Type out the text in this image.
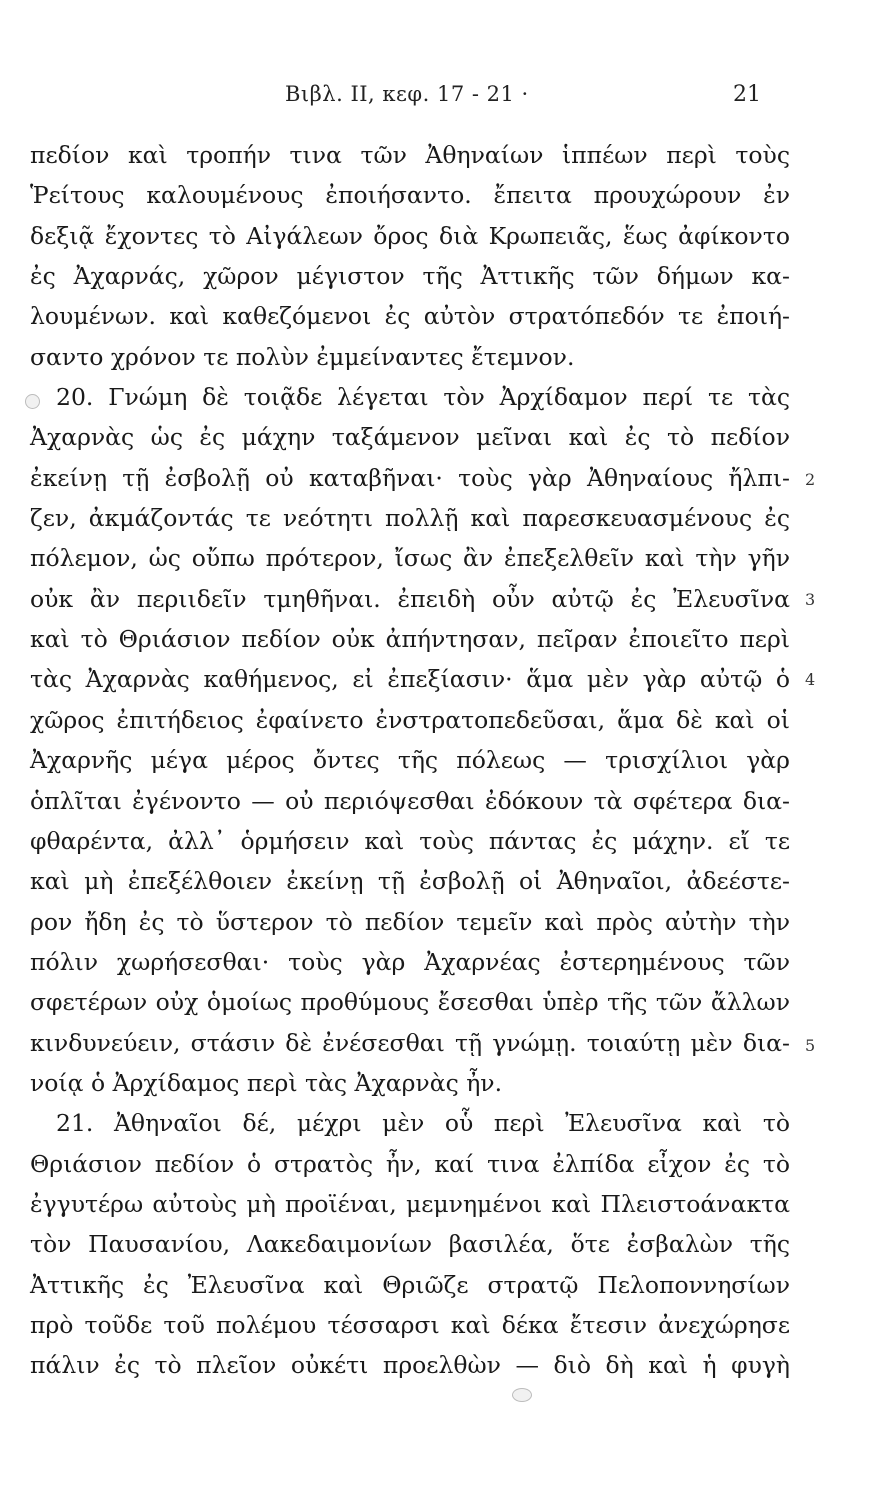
Βιβλ. II, κεφ. 17 - 21 ·	21
πεδίον καὶ τροπήν τινα τῶν Ἀθηναίων ἱππέων περὶ τοὺς
Ῥείτους καλουμένους ἐποιήσαντο. ἔπειτα προυχώρουν ἐν
δεξιᾷ ἔχοντες τὸ Αἰγάλεων ὄρος διὰ Κρωπειᾶς, ἕως ἀφίκοντο
ἐς Ἀχαρνάς, χῶρον μέγιστον τῆς Ἀττικῆς τῶν δήμων κα-
λουμένων. καὶ καθεζόμενοι ἐς αὐτὸν στρατόπεδόν τε ἐποιή-
σαντο χρόνον τε πολὺν ἐμμείναντες ἔτεμνον.
20. Γνώμη δὲ τοιᾷδε λέγεται τὸν Ἀρχίδαμον περί τε τὰς
Ἀχαρνὰς ὡς ἐς μάχην ταξάμενον μεῖναι καὶ ἐς τὸ πεδίον
ἐκείνῃ τῇ ἐσβολῇ οὐ καταβῆναι· τοὺς γὰρ Ἀθηναίους ἤλπι-
ζεν, ἀκμάζοντάς τε νεότητι πολλῇ καὶ παρεσκευασμένους ἐς
πόλεμον, ὡς οὔπω πρότερον, ἴσως ἂν ἐπεξελθεῖν καὶ τὴν γῆν
οὐκ ἂν περιιδεῖν τμηθῆναι. ἐπειδὴ οὖν αὐτῷ ἐς Ἐλευσῖνα
καὶ τὸ Θριάσιον πεδίον οὐκ ἀπήντησαν, πεῖραν ἐποιεῖτο περὶ
τὰς Ἀχαρνὰς καθήμενος, εἰ ἐπεξίασιν· ἅμα μὲν γὰρ αὐτῷ ὁ
χῶρος ἐπιτήδειος ἐφαίνετο ἐνστρατοπεδεῦσαι, ἅμα δὲ καὶ οἱ
Ἀχαρνῆς μέγα μέρος ὄντες τῆς πόλεως — τρισχίλιοι γὰρ
ὁπλῖται ἐγένοντο — οὐ περιόψεσθαι ἐδόκουν τὰ σφέτερα δια-
φθαρέντα, ἀλλ᾽ ὁρμήσειν καὶ τοὺς πάντας ἐς μάχην. εἴ τε
καὶ μὴ ἐπεξέλθοιεν ἐκείνῃ τῇ ἐσβολῇ οἱ Ἀθηναῖοι, ἀδεέστε-
ρον ἤδη ἐς τὸ ὕστερον τὸ πεδίον τεμεῖν καὶ πρὸς αὐτὴν τὴν
πόλιν χωρήσεσθαι· τοὺς γὰρ Ἀχαρνέας ἐστερημένους τῶν
σφετέρων οὐχ ὁμοίως προθύμους ἔσεσθαι ὑπὲρ τῆς τῶν ἄλλων
κινδυνεύειν, στάσιν δὲ ἐνέσεσθαι τῇ γνώμῃ. τοιαύτῃ μὲν δια-
νοίᾳ ὁ Ἀρχίδαμος περὶ τὰς Ἀχαρνὰς ἦν.
21. Ἀθηναῖοι δέ, μέχρι μὲν οὗ περὶ Ἐλευσῖνα καὶ τὸ
Θριάσιον πεδίον ὁ στρατὸς ἦν, καί τινα ἐλπίδα εἶχον ἐς τὸ
ἐγγυτέρω αὐτοὺς μὴ προϊέναι, μεμνημένοι καὶ Πλειστοάνακτα
τὸν Παυσανίου, Λακεδαιμονίων βασιλέα, ὅτε ἐσβαλὼν τῆς
Ἀττικῆς ἐς Ἐλευσῖνα καὶ Θριῶζε στρατῷ Πελοποννησίων
πρὸ τοῦδε τοῦ πολέμου τέσσαρσι καὶ δέκα ἔτεσιν ἀνεχώρησε
πάλιν ἐς τὸ πλεῖον οὐκέτι προελθὼν — διὸ δὴ καὶ ἡ φυγὴ
2
3
4
5
